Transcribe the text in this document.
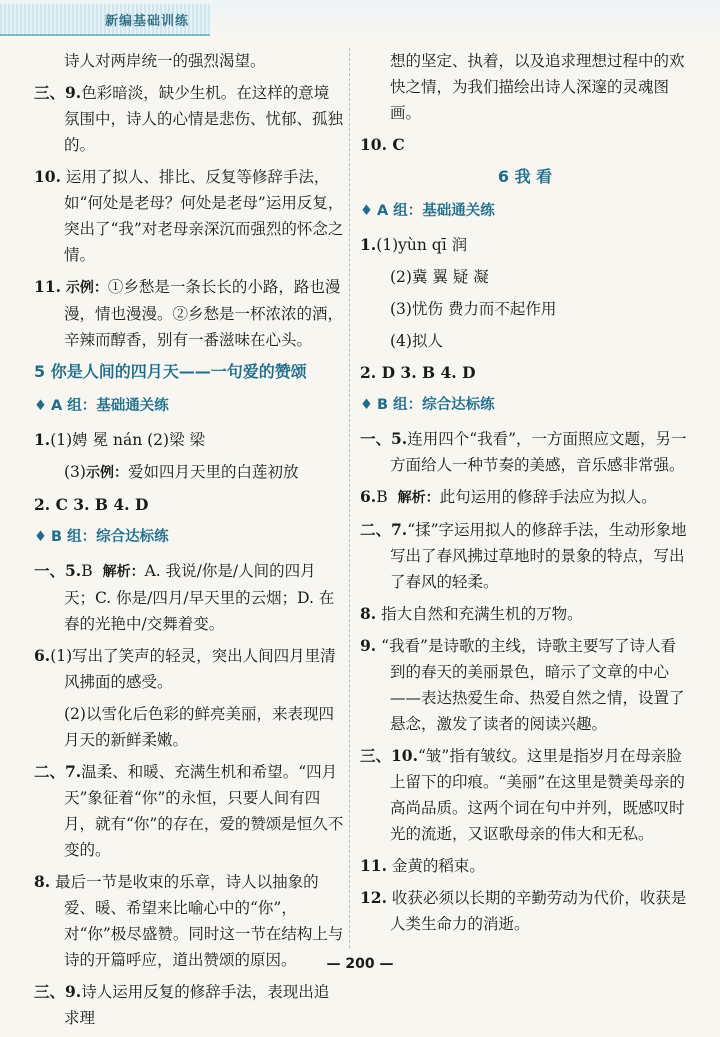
新编基础训练
诗人对两岸统一的强烈渴望。
三、9.色彩暗淡，缺少生机。在这样的意境氛围中，诗人的心情是悲伤、忧郁、孤独的。
10. 运用了拟人、排比、反复等修辞手法，如“何处是老母？何处是老母”运用反复，突出了“我”对老母亲深沉而强烈的怀念之情。
11. 示例：①乡愁是一条长长的小路，路也漫漫，情也漫漫。②乡愁是一杯浓浓的酒，辛辣而醇香，别有一番滋味在心头。
5 你是人间的四月天——一句爱的赞颂
♦ A 组：基础通关练
1.(1)娉 冕 nán (2)梁 梁
(3)示例：爱如四月天里的白莲初放
2. C 3. B 4. D
♦ B 组：综合达标练
一、5.B 解析：A. 我说/你是/人间的四月天；C. 你是/四月/早天里的云烟；D. 在春的光艳中/交舞着变。
6.(1)写出了笑声的轻灵，突出人间四月里清风拂面的感受。
(2)以雪化后色彩的鲜亮美丽，来表现四月天的新鲜柔嫩。
二、7.温柔、和暖、充满生机和希望。“四月天”象征着“你”的永恒，只要人间有四月，就有“你”的存在，爱的赞颂是恒久不变的。
8. 最后一节是收束的乐章，诗人以抽象的爱、暖、希望来比喻心中的“你”，对“你”极尽盛赞。同时这一节在结构上与诗的开篇呼应，道出赞颂的原因。
三、9.诗人运用反复的修辞手法，表现出追求理
想的坚定、执着，以及追求理想过程中的欢快之情，为我们描绘出诗人深邃的灵魂图画。
10. C
6 我 看
♦ A 组：基础通关练
1.(1)yùn qī 润
(2)冀 翼 疑 凝
(3)忧伤 费力而不起作用
(4)拟人
2. D 3. B 4. D
♦ B 组：综合达标练
一、5.连用四个“我看”，一方面照应文题，另一方面给人一种节奏的美感，音乐感非常强。
6.B 解析：此句运用的修辞手法应为拟人。
二、7.“揉”字运用拟人的修辞手法，生动形象地写出了春风拂过草地时的景象的特点，写出了春风的轻柔。
8. 指大自然和充满生机的万物。
9. “我看”是诗歌的主线，诗歌主要写了诗人看到的春天的美丽景色，暗示了文章的中心——表达热爱生命、热爱自然之情，设置了悬念，激发了读者的阅读兴趣。
三、10.“皱”指有皱纹。这里是指岁月在母亲脸上留下的印痕。“美丽”在这里是赞美母亲的高尚品质。这两个词在句中并列，既感叹时光的流逝，又讴歌母亲的伟大和无私。
11. 金黄的稻束。
12. 收获必须以长期的辛勤劳动为代价，收获是人类生命力的消逝。
— 200 —
